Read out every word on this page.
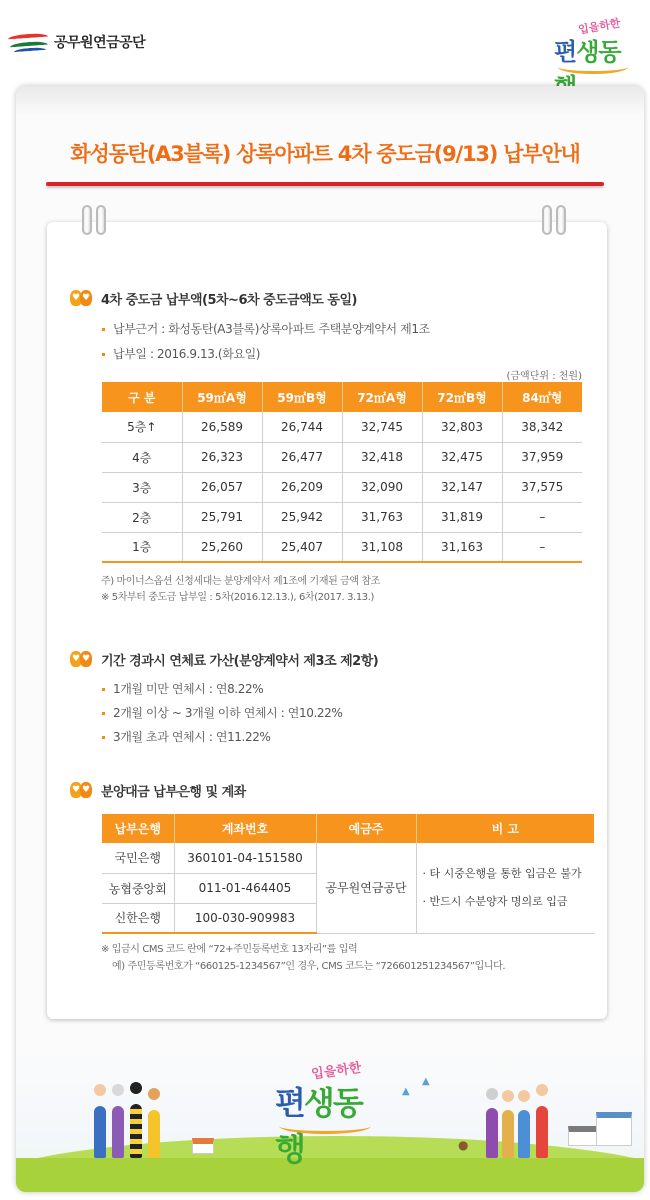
공무원연금공단
입을하한
편생동
화성동탄(A3블록) 상록아파트 4차 중도금(9/13) 납부안내
♥ ♥ 4차 중도금 납부액(5차~6차 중도금액도 동일)
납부근거 : 화성동탄(A3블록)상록아파트 주택분양계약서 제1조
납부일 : 2016.9.13.(화요일)
(금액단위 : 천원)
구 분	59㎡A형	59㎡B형	72㎡A형	72㎡B형	84㎡형
5층↑	26,589	26,744	32,745	32,803	38,342
4층	26,323	26,477	32,418	32,475	37,959
3층	26,057	26,209	32,090	32,147	37,575
2층	25,791	25,942	31,763	31,819	–
1층	25,260	25,407	31,108	31,163	–
주) 마이너스옵션 신청세대는 분양계약서 제1조에 기재된 금액 참조
※ 5차부터 중도금 납부일 : 5차(2016.12.13.), 6차(2017. 3.13.)
♥ ♥ 기간 경과시 연체료 가산(분양계약서 제3조 제2항)
1개월 미만 연체시 : 연8.22%
2개월 이상 ~ 3개월 이하 연체시 : 연10.22%
3개월 초과 연체시 : 연11.22%
♥ ♥ 분양대금 납부은행 및 계좌
납부은행	계좌번호	예금주	비 고
국민은행	360101-04-151580	공무원연금공단	· 타 시중은행을 통한 입금은 불가
· 반드시 수분양자 명의로 입금

농협중앙회	011-01-464405		
신한은행	100-030-909983		
※ 입금시 CMS 코드 란에 “72+주민등록번호 13자리”를 입력
예) 주민등록번호가 “660125-1234567”인 경우, CMS 코드는 “726601251234567”입니다.
▲
▲
●
입을하한
편생동행
